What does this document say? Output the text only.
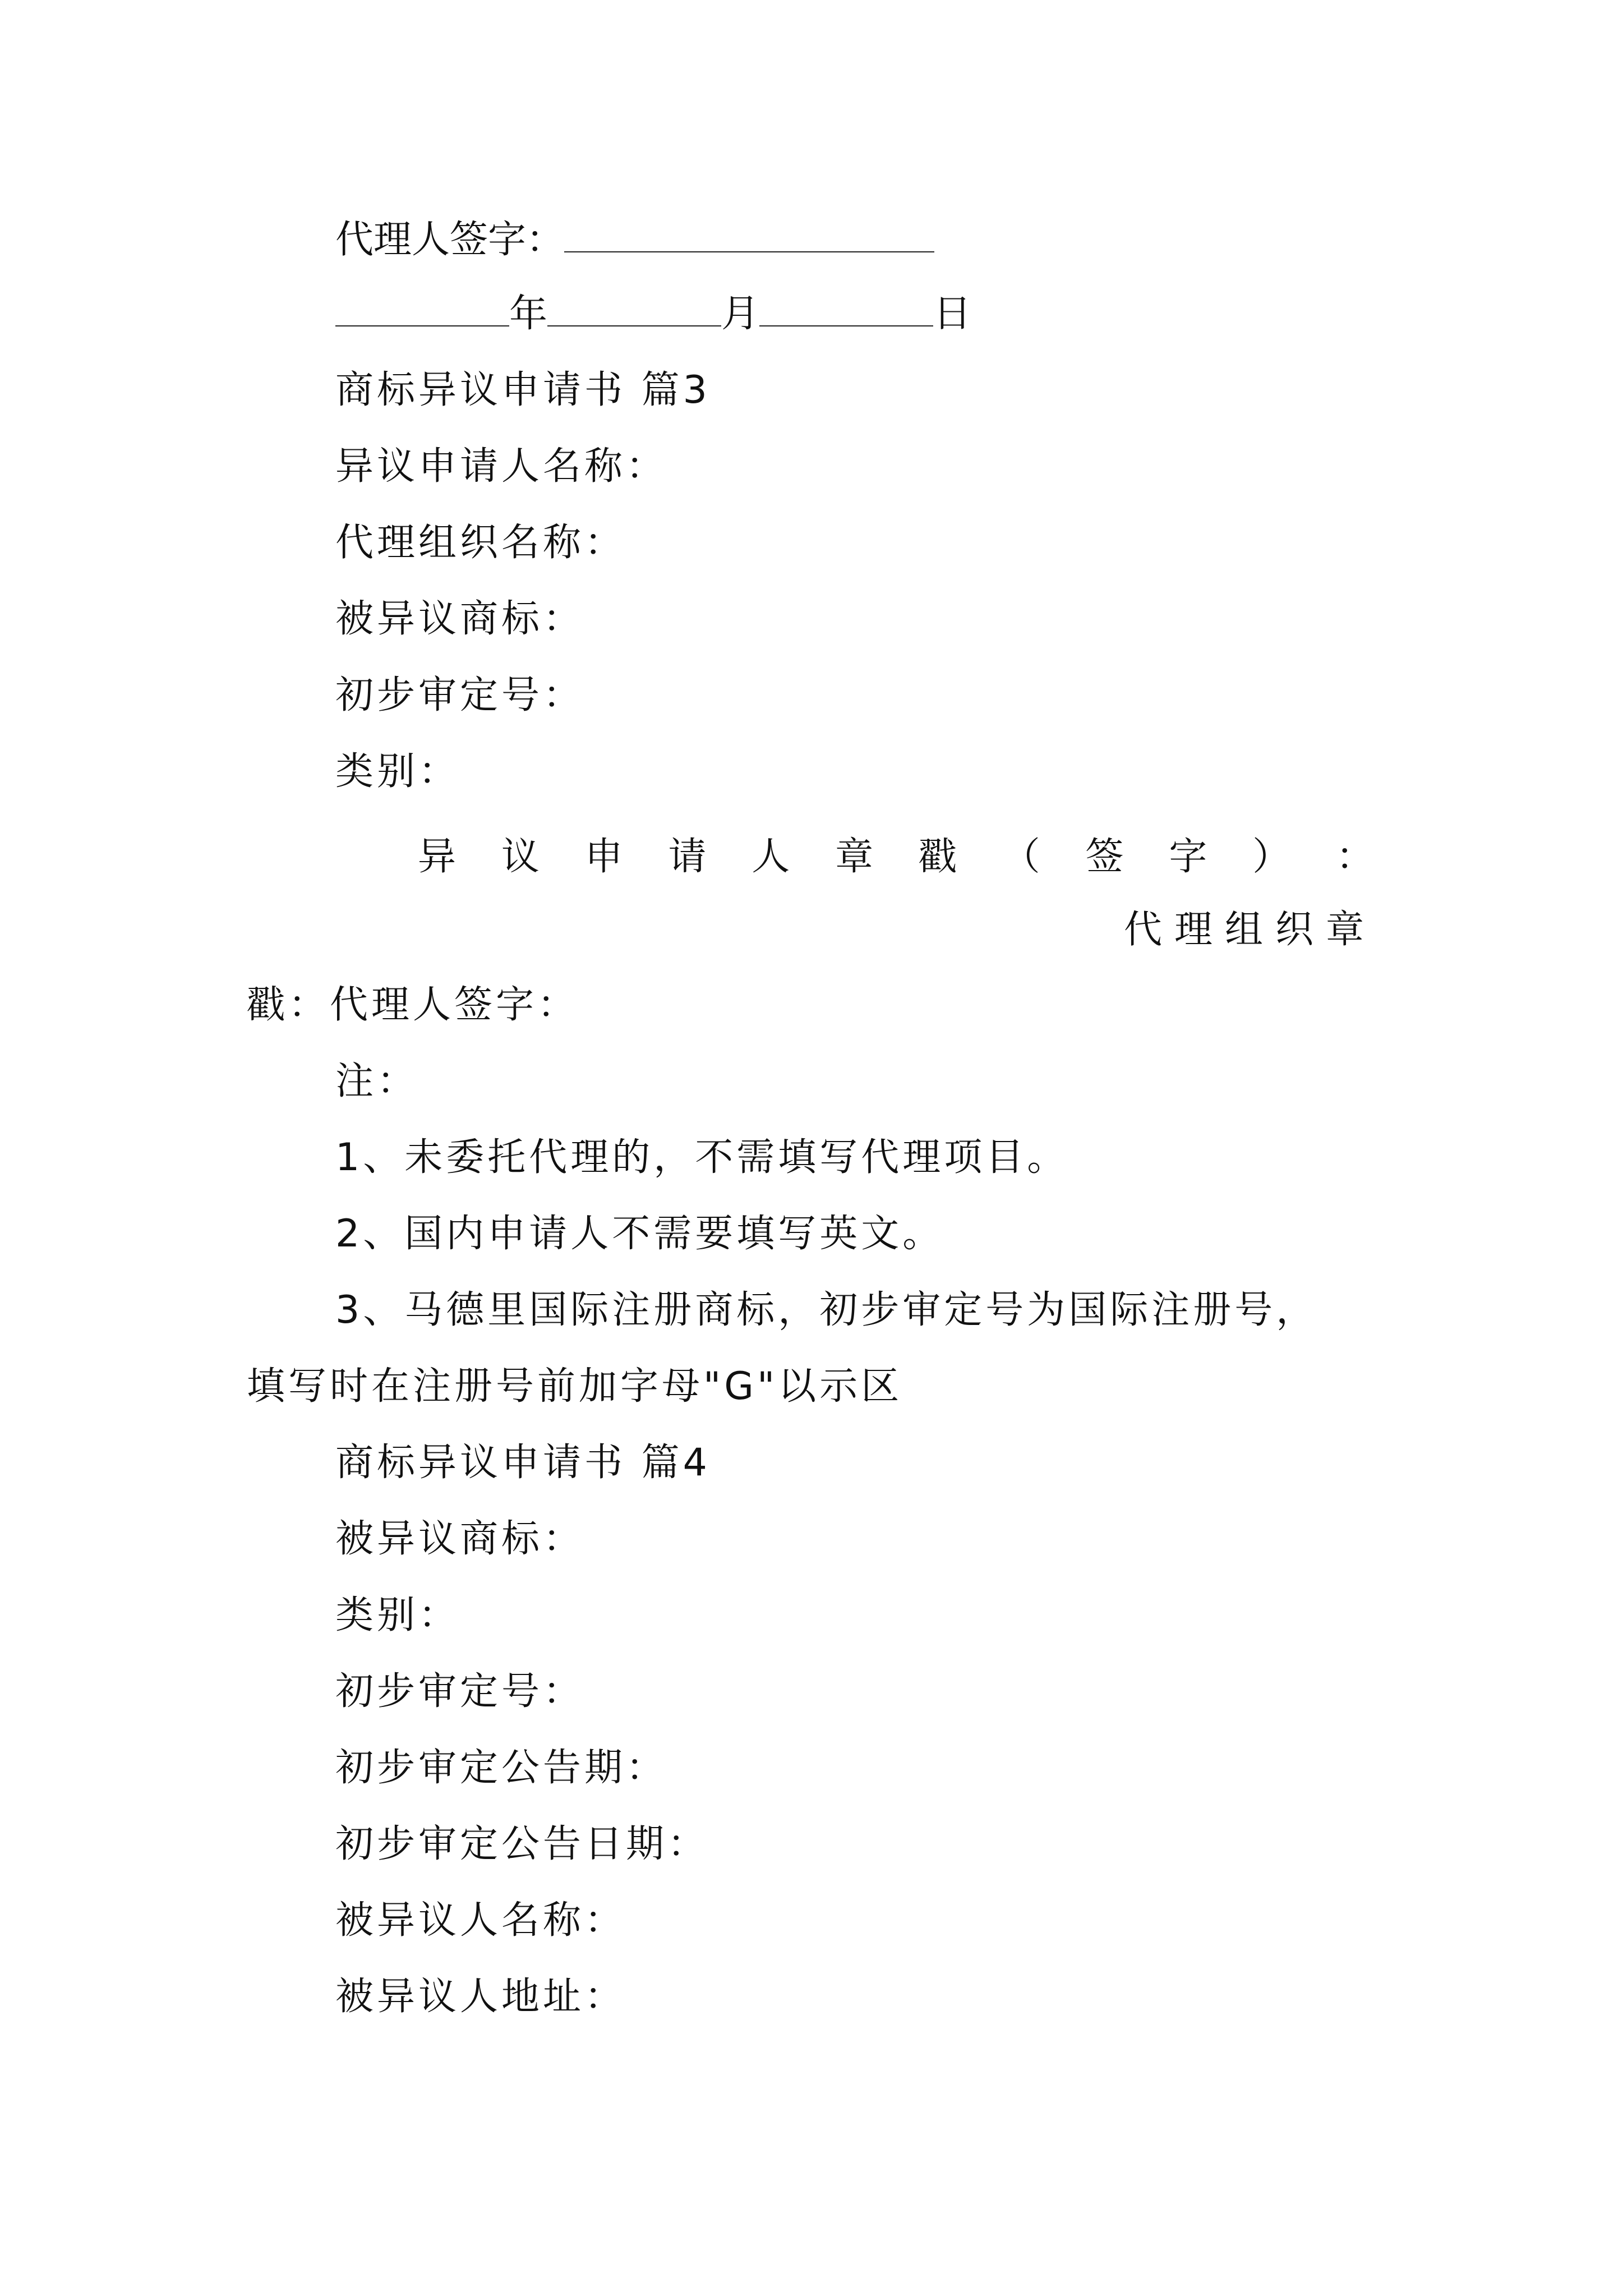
代理人签字：
年	月	日
商标异议申请书 篇3
异议申请人名称：
代理组织名称：
被异议商标：
初步审定号：
类别：
异 议 申 请 人 章 戳 （ 签 字 ） ：
代理组织章
戳：代理人签字：
注：
1、未委托代理的，不需填写代理项目。
2、国内申请人不需要填写英文。
3、马德里国际注册商标，初步审定号为国际注册号，
填写时在注册号前加字母"G"以示区
商标异议申请书 篇4
被异议商标：
类别：
初步审定号：
初步审定公告期：
初步审定公告日期：
被异议人名称：
被异议人地址：
